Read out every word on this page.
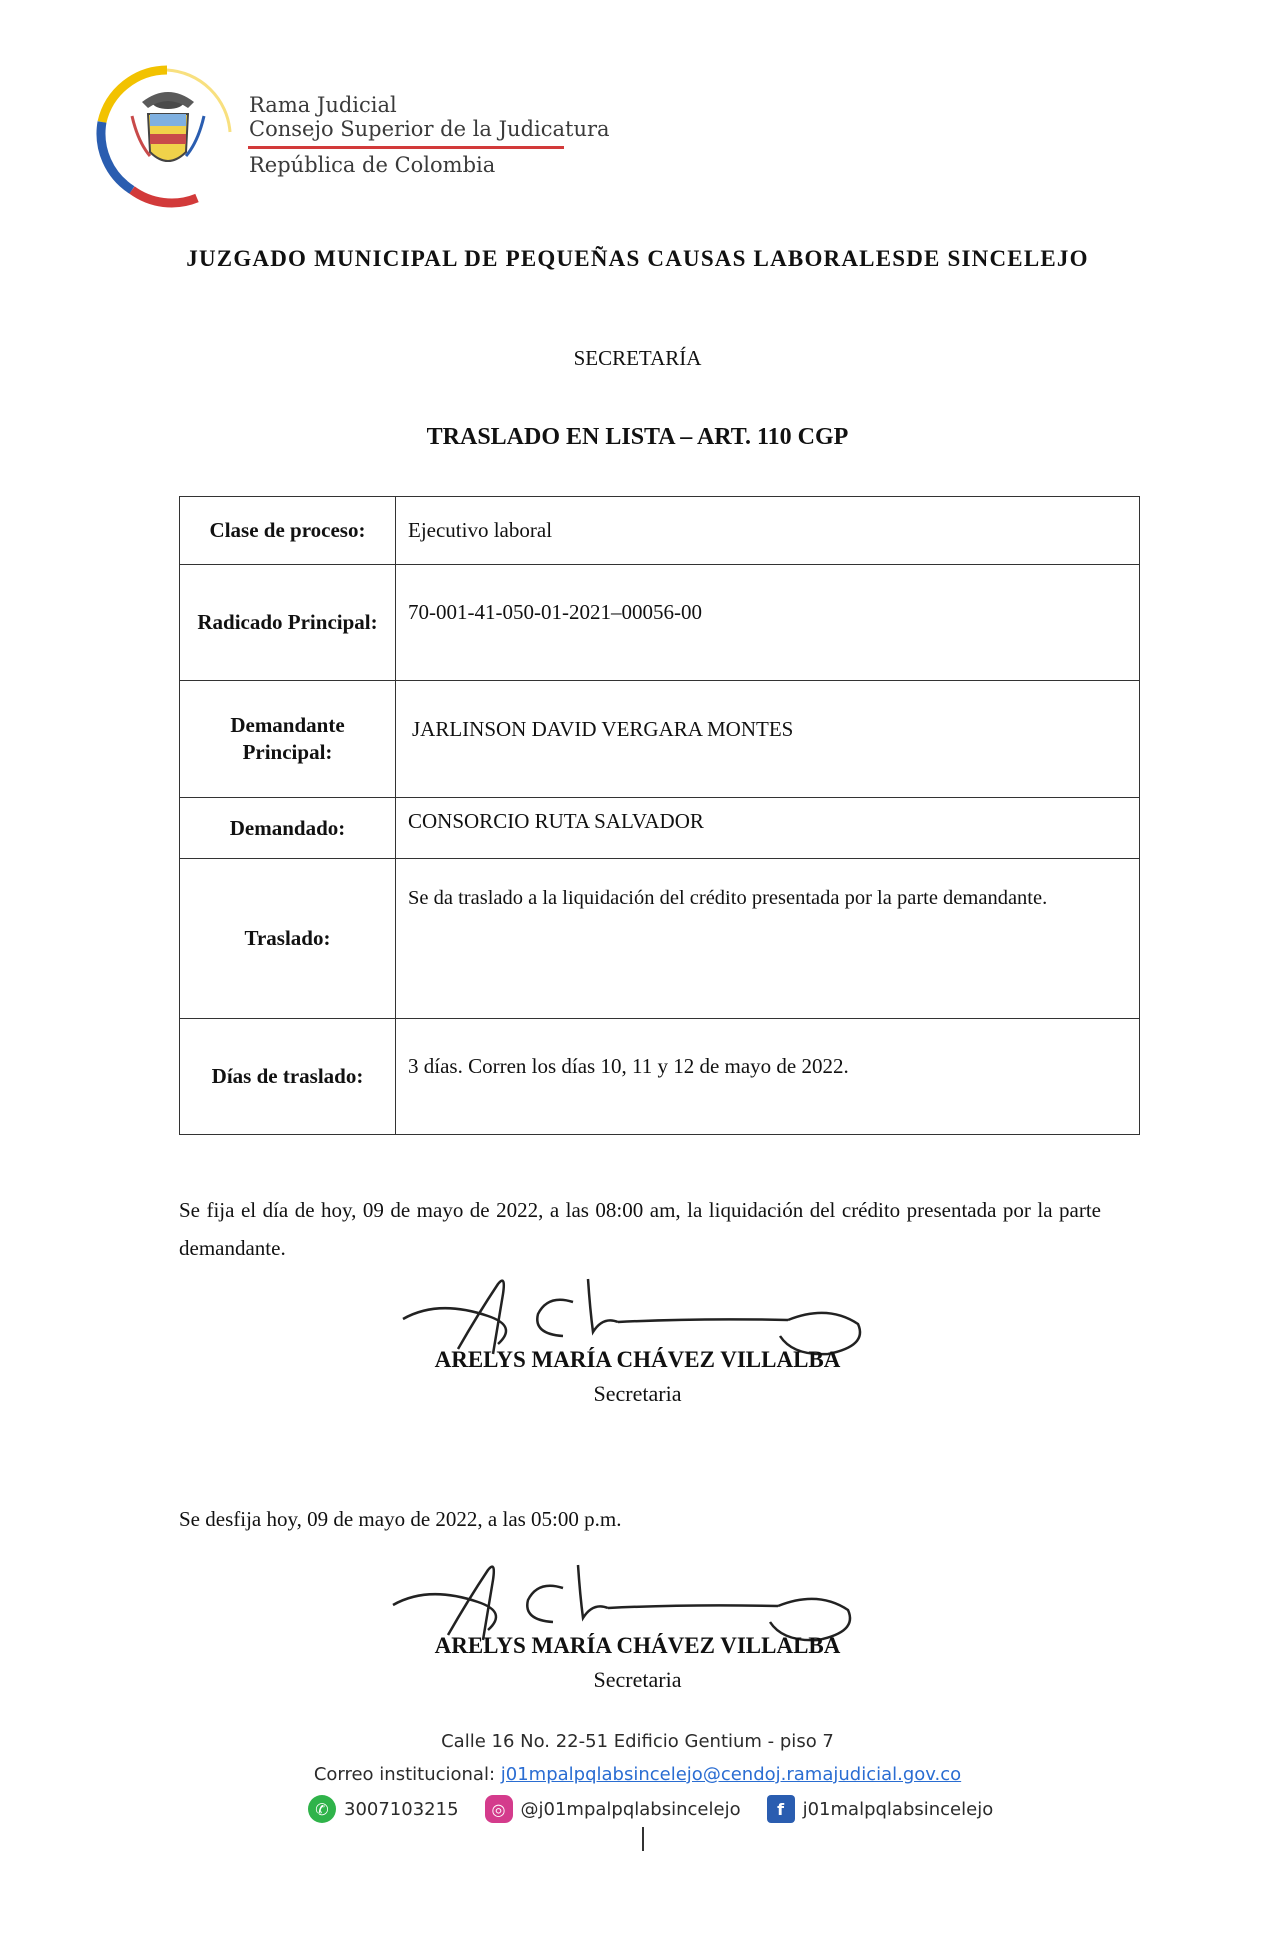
Rama Judicial
Consejo Superior de la Judicatura
República de Colombia
JUZGADO MUNICIPAL DE PEQUEÑAS CAUSAS LABORALESDE SINCELEJO
SECRETARÍA
TRASLADO EN LISTA – ART. 110 CGP
Clase de proceso:	Ejecutivo laboral

Radicado Principal:	70-001-41-050-01-2021–00056-00

Demandante Principal:	JARLINSON DAVID VERGARA MONTES

Demandado:	CONSORCIO RUTA SALVADOR

Traslado:	Se da traslado a la liquidación del crédito presentada por la parte demandante.

Días de traslado:	3 días. Corren los días 10, 11 y 12 de mayo de 2022.
Se fija el día de hoy, 09 de mayo de 2022, a las 08:00 am, la liquidación del crédito presentada por la parte demandante.
ARELYS MARÍA CHÁVEZ VILLALBA
Secretaria
Se desfija hoy, 09 de mayo de 2022, a las 05:00 p.m.
ARELYS MARÍA CHÁVEZ VILLALBA
Secretaria
Calle 16 No. 22-51 Edificio Gentium - piso 7
Correo institucional: j01mpalpqlabsincelejo@cendoj.ramajudicial.gov.co
✆ 3007103215	◎ @j01mpalpqlabsincelejo	f	j01malpqlabsincelejo
